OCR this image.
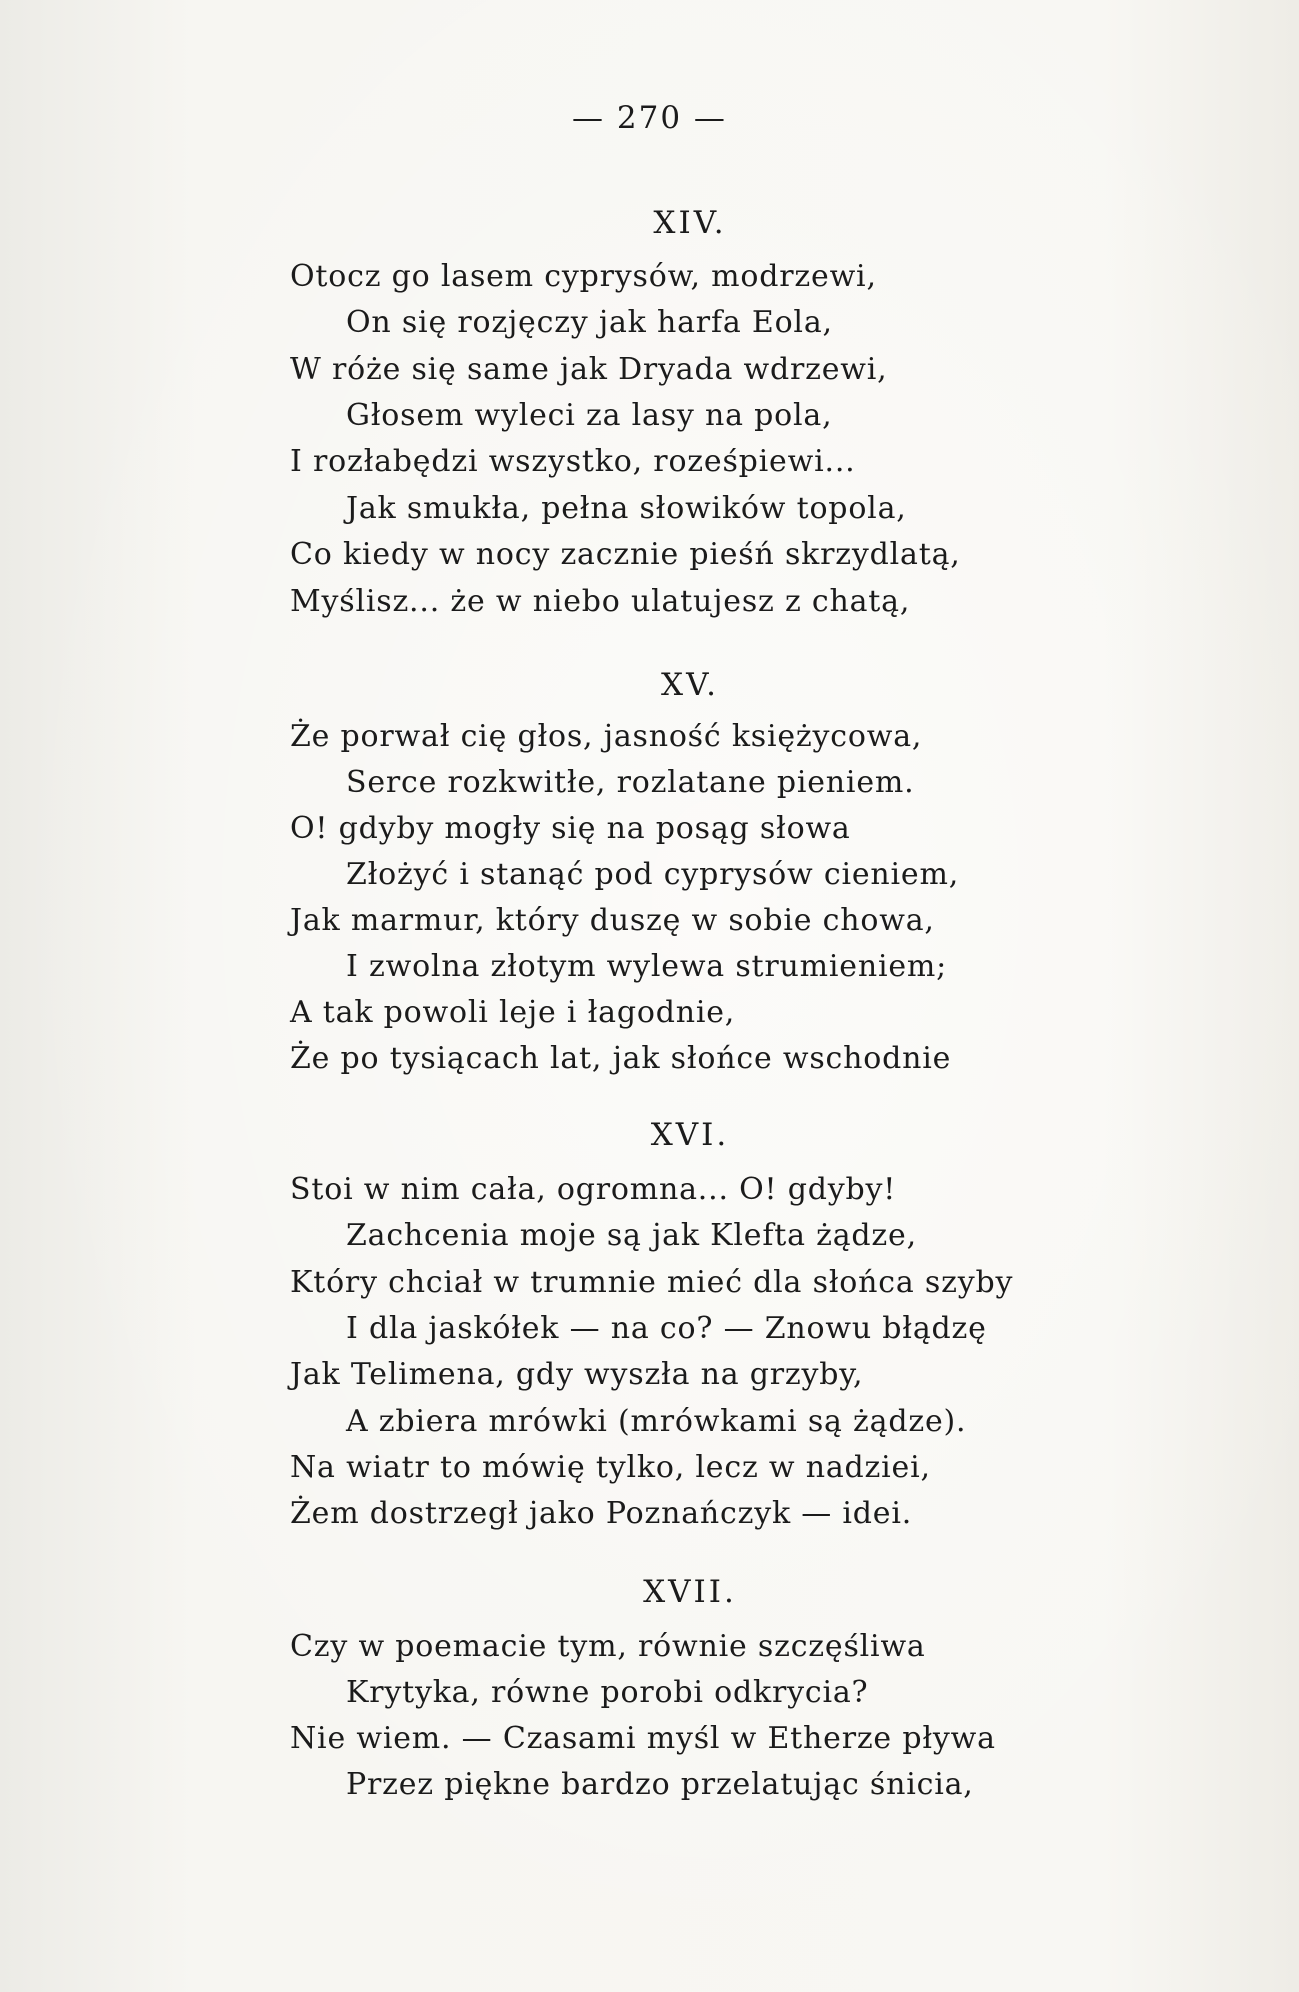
— 270 —
XIV.
Otocz go lasem cyprysów, modrzewi,
On się rozjęczy jak harfa Eola,
W róże się same jak Dryada wdrzewi,
Głosem wyleci za lasy na pola,
I rozłabędzi wszystko, roześpiewi...
Jak smukła, pełna słowików topola,
Co kiedy w nocy zacznie pieśń skrzydlatą,
Myślisz... że w niebo ulatujesz z chatą,
XV.
Że porwał cię głos, jasność księżycowa,
Serce rozkwitłe, rozlatane pieniem.
O! gdyby mogły się na posąg słowa
Złożyć i stanąć pod cyprysów cieniem,
Jak marmur, który duszę w sobie chowa,
I zwolna złotym wylewa strumieniem;
A tak powoli leje i łagodnie,
Że po tysiącach lat, jak słońce wschodnie
XVI.
Stoi w nim cała, ogromna... O! gdyby!
Zachcenia moje są jak Klefta żądze,
Który chciał w trumnie mieć dla słońca szyby
I dla jaskółek — na co? — Znowu błądzę
Jak Telimena, gdy wyszła na grzyby,
A zbiera mrówki (mrówkami są żądze).
Na wiatr to mówię tylko, lecz w nadziei,
Żem dostrzegł jako Poznańczyk — idei.
XVII.
Czy w poemacie tym, równie szczęśliwa
Krytyka, równe porobi odkrycia?
Nie wiem. — Czasami myśl w Etherze pływa
Przez piękne bardzo przelatując śnicia,
